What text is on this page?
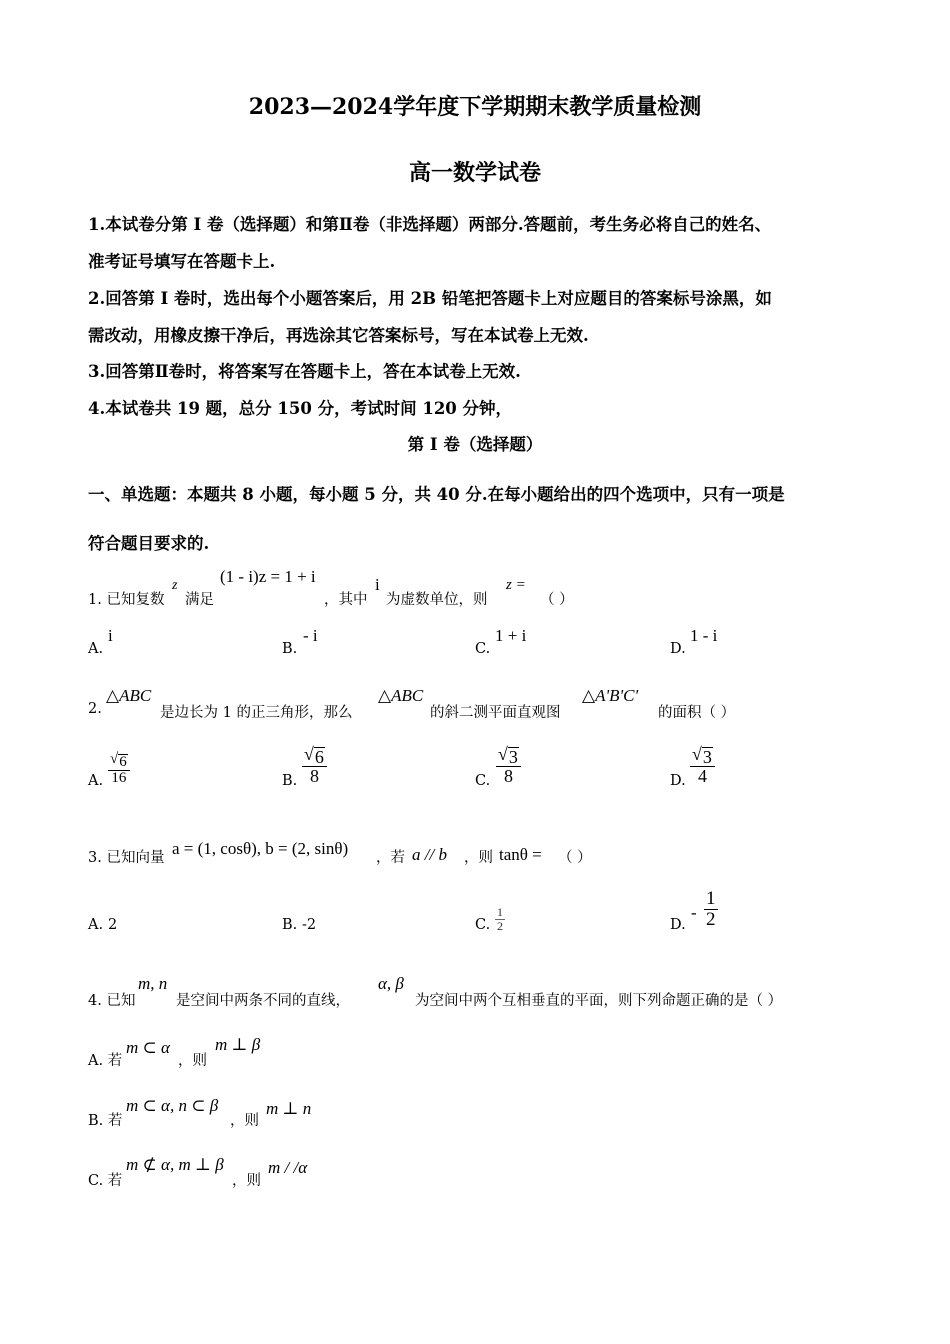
2023—2024学年度下学期期末教学质量检测
高一数学试卷
1.本试卷分第 I 卷（选择题）和第Ⅱ卷（非选择题）两部分.答题前，考生务必将自己的姓名、
准考证号填写在答题卡上.
2.回答第 I 卷时，选出每个小题答案后，用 2B 铅笔把答题卡上对应题目的答案标号涂黑，如
需改动，用橡皮擦干净后，再选涂其它答案标号，写在本试卷上无效.
3.回答第Ⅱ卷时，将答案写在答题卡上，答在本试卷上无效.
4.本试卷共 19 题，总分 150 分，考试时间 120 分钟，
第 I 卷（选择题）
一、单选题：本题共 8 小题，每小题 5 分，共 40 分.在每小题给出的四个选项中，只有一项是
符合题目要求的.
1. 已知复数
z
满足
(1 - i)z = 1 + i
，其中
i
为虚数单位，则
z =
（ ）
A.
i
B.
- i
C.
1 + i
D.
1 - i
2.
△ABC
是边长为 1 的正三角形，那么
△ABC
的斜二测平面直观图
△A'B'C'
的面积（ ）
A. √ $\frac{6}{16}$	B. √ $\frac{6}{8}$	C. √ $\frac{3}{8}$	D. √ $\frac{3}{4}$
3. 已知向量 a = (1, cosθ), b = (2, sinθ) ，若 a // b ，则 tanθ = （ ）
A. 2	B. -2	C. $\frac{1}{2}$	D.
- $\frac{1}{2}$
4. 已知
m, n
是空间中两条不同的直线，
α, β
为空间中两个互相垂直的平面，则下列命题正确的是（ ）
A. 若
m ⊂ α
，则
m ⊥ β
B. 若
m ⊂ α, n ⊂ β
，则
m ⊥ n
C. 若
m ⊄ α, m ⊥ β
，则
m / /α
